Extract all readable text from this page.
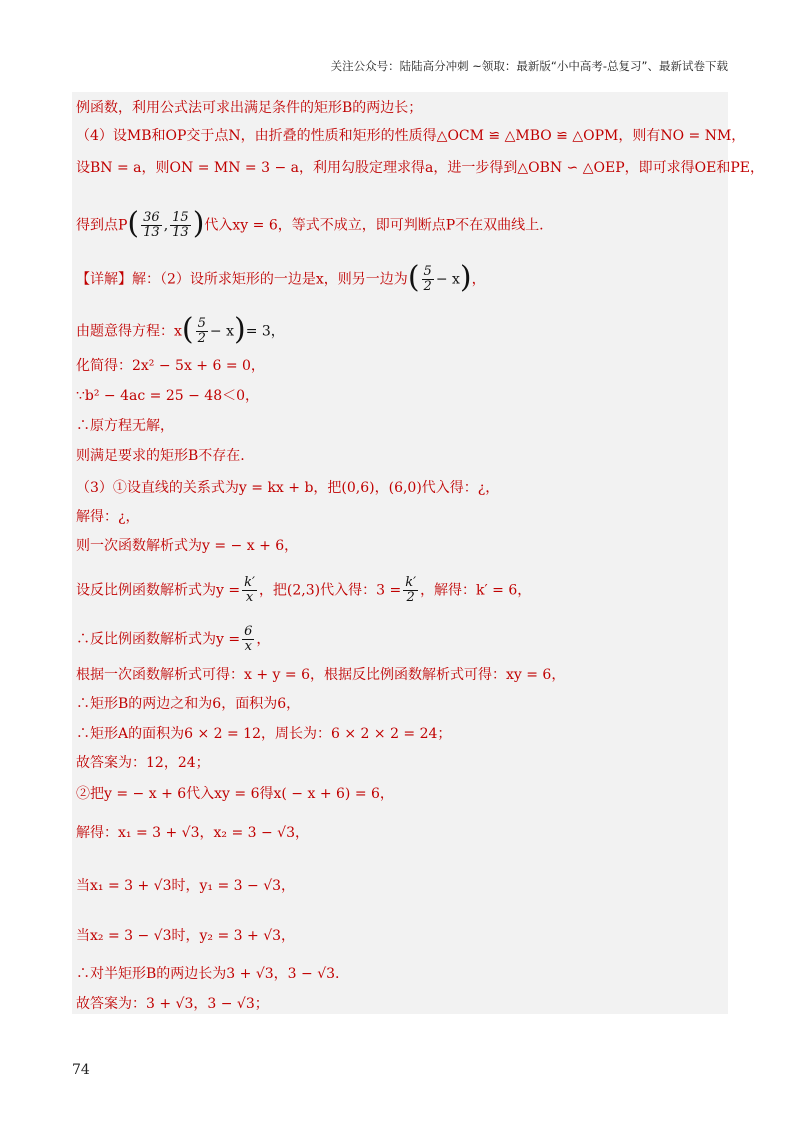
关注公众号：陆陆高分冲刺 ~领取：最新版“小中高考-总复习”、最新试卷下载
例函数，利用公式法可求出满足条件的矩形B的两边长；
（4）设MB和OP交于点N，由折叠的性质和矩形的性质得△OCM ≌ △MBO ≌ △OPM，则有NO = NM，
设BN = a，则ON = MN = 3 − a，利用勾股定理求得a，进一步得到△OBN ∽ △OEP，即可求得OE和PE，
得到点$P( \frac{36}{13}$ , $\frac{15}{13}$ )代入xy = 6，等式不成立，即可判断点P不在双曲线上.
【详解】解：（2）设所求矩形的一边是x，则另一边为( $\frac{5}{2} - x$)，
由题意得方程：$x( \frac{5}{2} - x)= 3$，
化简得：2x² − 5x + 6 = 0，
∵b² − 4ac = 25 − 48＜0，
∴原方程无解，
则满足要求的矩形B不存在.
（3）①设直线的关系式为y = kx + b，把(0,6)，(6,0)代入得：¿，
解得：¿，
则一次函数解析式为y = − x + 6，
设反比例函数解析式为$y = \frac{k'}{x}$ ，把(2,3)代入得：$3 = \frac{k'}{2}$ ，解得：k′ = 6，
∴反比例函数解析式为$y = \frac{6}{x}$ ，
根据一次函数解析式可得：x + y = 6，根据反比例函数解析式可得：xy = 6，
∴矩形B的两边之和为6，面积为6，
∴矩形A的面积为6 × 2 = 12，周长为：6 × 2 × 2 = 24；
故答案为：12，24；
②把y = − x + 6代入xy = 6得x( − x + 6) = 6，
解得：x₁ = 3 + √3，x₂ = 3 − √3，
当x₁ = 3 + √3时，y₁ = 3 − √3，
当x₂ = 3 − √3时，y₂ = 3 + √3，
∴对半矩形B的两边长为3 + √3，3 − √3.
故答案为：3 + √3，3 − √3；
74
